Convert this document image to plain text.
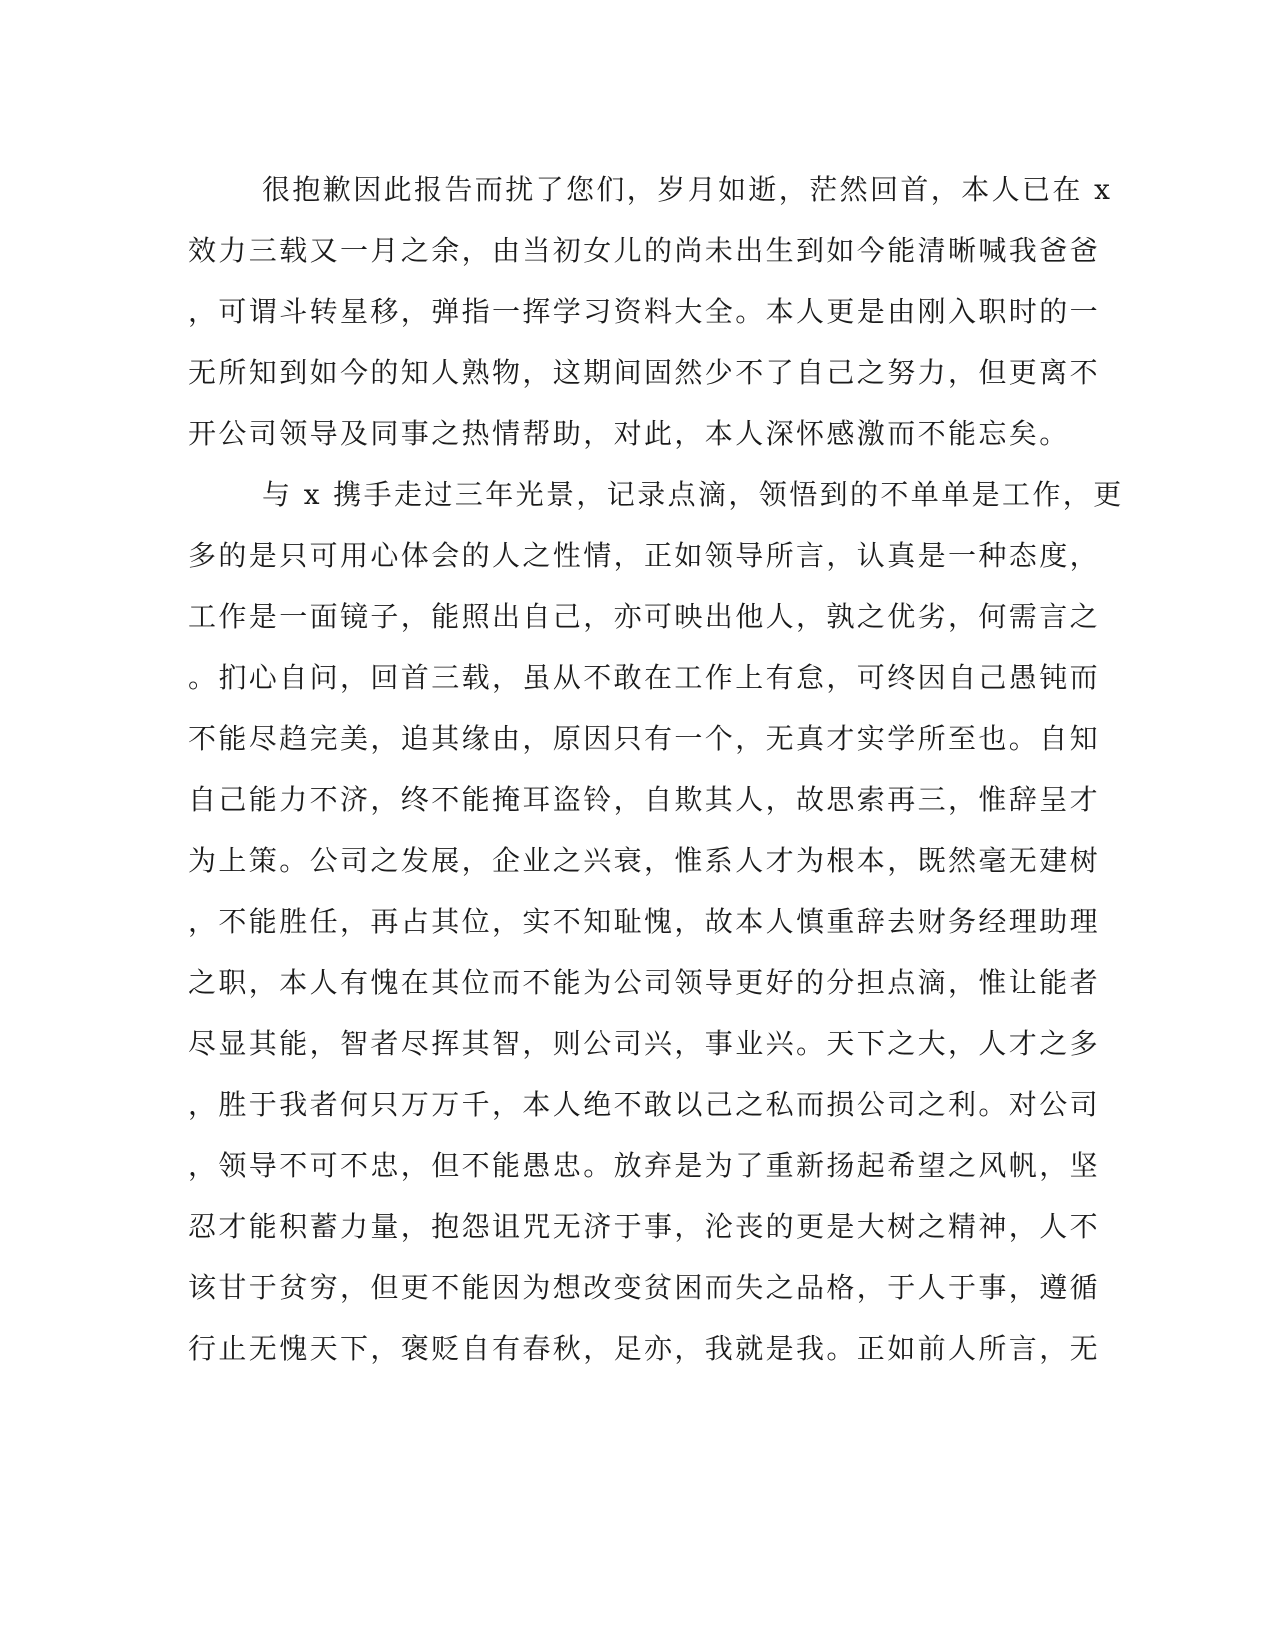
很抱歉因此报告而扰了您们，岁月如逝，茫然回首，本人已在 x
效力三载又一月之余，由当初女儿的尚未出生到如今能清晰喊我爸爸
，可谓斗转星移，弹指一挥学习资料大全。本人更是由刚入职时的一
无所知到如今的知人熟物，这期间固然少不了自己之努力，但更离不
开公司领导及同事之热情帮助，对此，本人深怀感激而不能忘矣。
与 x 携手走过三年光景，记录点滴，领悟到的不单单是工作，更
多的是只可用心体会的人之性情，正如领导所言，认真是一种态度，
工作是一面镜子，能照出自己，亦可映出他人，孰之优劣，何需言之
。扪心自问，回首三载，虽从不敢在工作上有怠，可终因自己愚钝而
不能尽趋完美，追其缘由，原因只有一个，无真才实学所至也。自知
自己能力不济，终不能掩耳盗铃，自欺其人，故思索再三，惟辞呈才
为上策。公司之发展，企业之兴衰，惟系人才为根本，既然毫无建树
，不能胜任，再占其位，实不知耻愧，故本人慎重辞去财务经理助理
之职，本人有愧在其位而不能为公司领导更好的分担点滴，惟让能者
尽显其能，智者尽挥其智，则公司兴，事业兴。天下之大，人才之多
，胜于我者何只万万千，本人绝不敢以己之私而损公司之利。对公司
，领导不可不忠，但不能愚忠。放弃是为了重新扬起希望之风帆，坚
忍才能积蓄力量，抱怨诅咒无济于事，沦丧的更是大树之精神，人不
该甘于贫穷，但更不能因为想改变贫困而失之品格，于人于事，遵循
行止无愧天下，褒贬自有春秋，足亦，我就是我。正如前人所言，无
